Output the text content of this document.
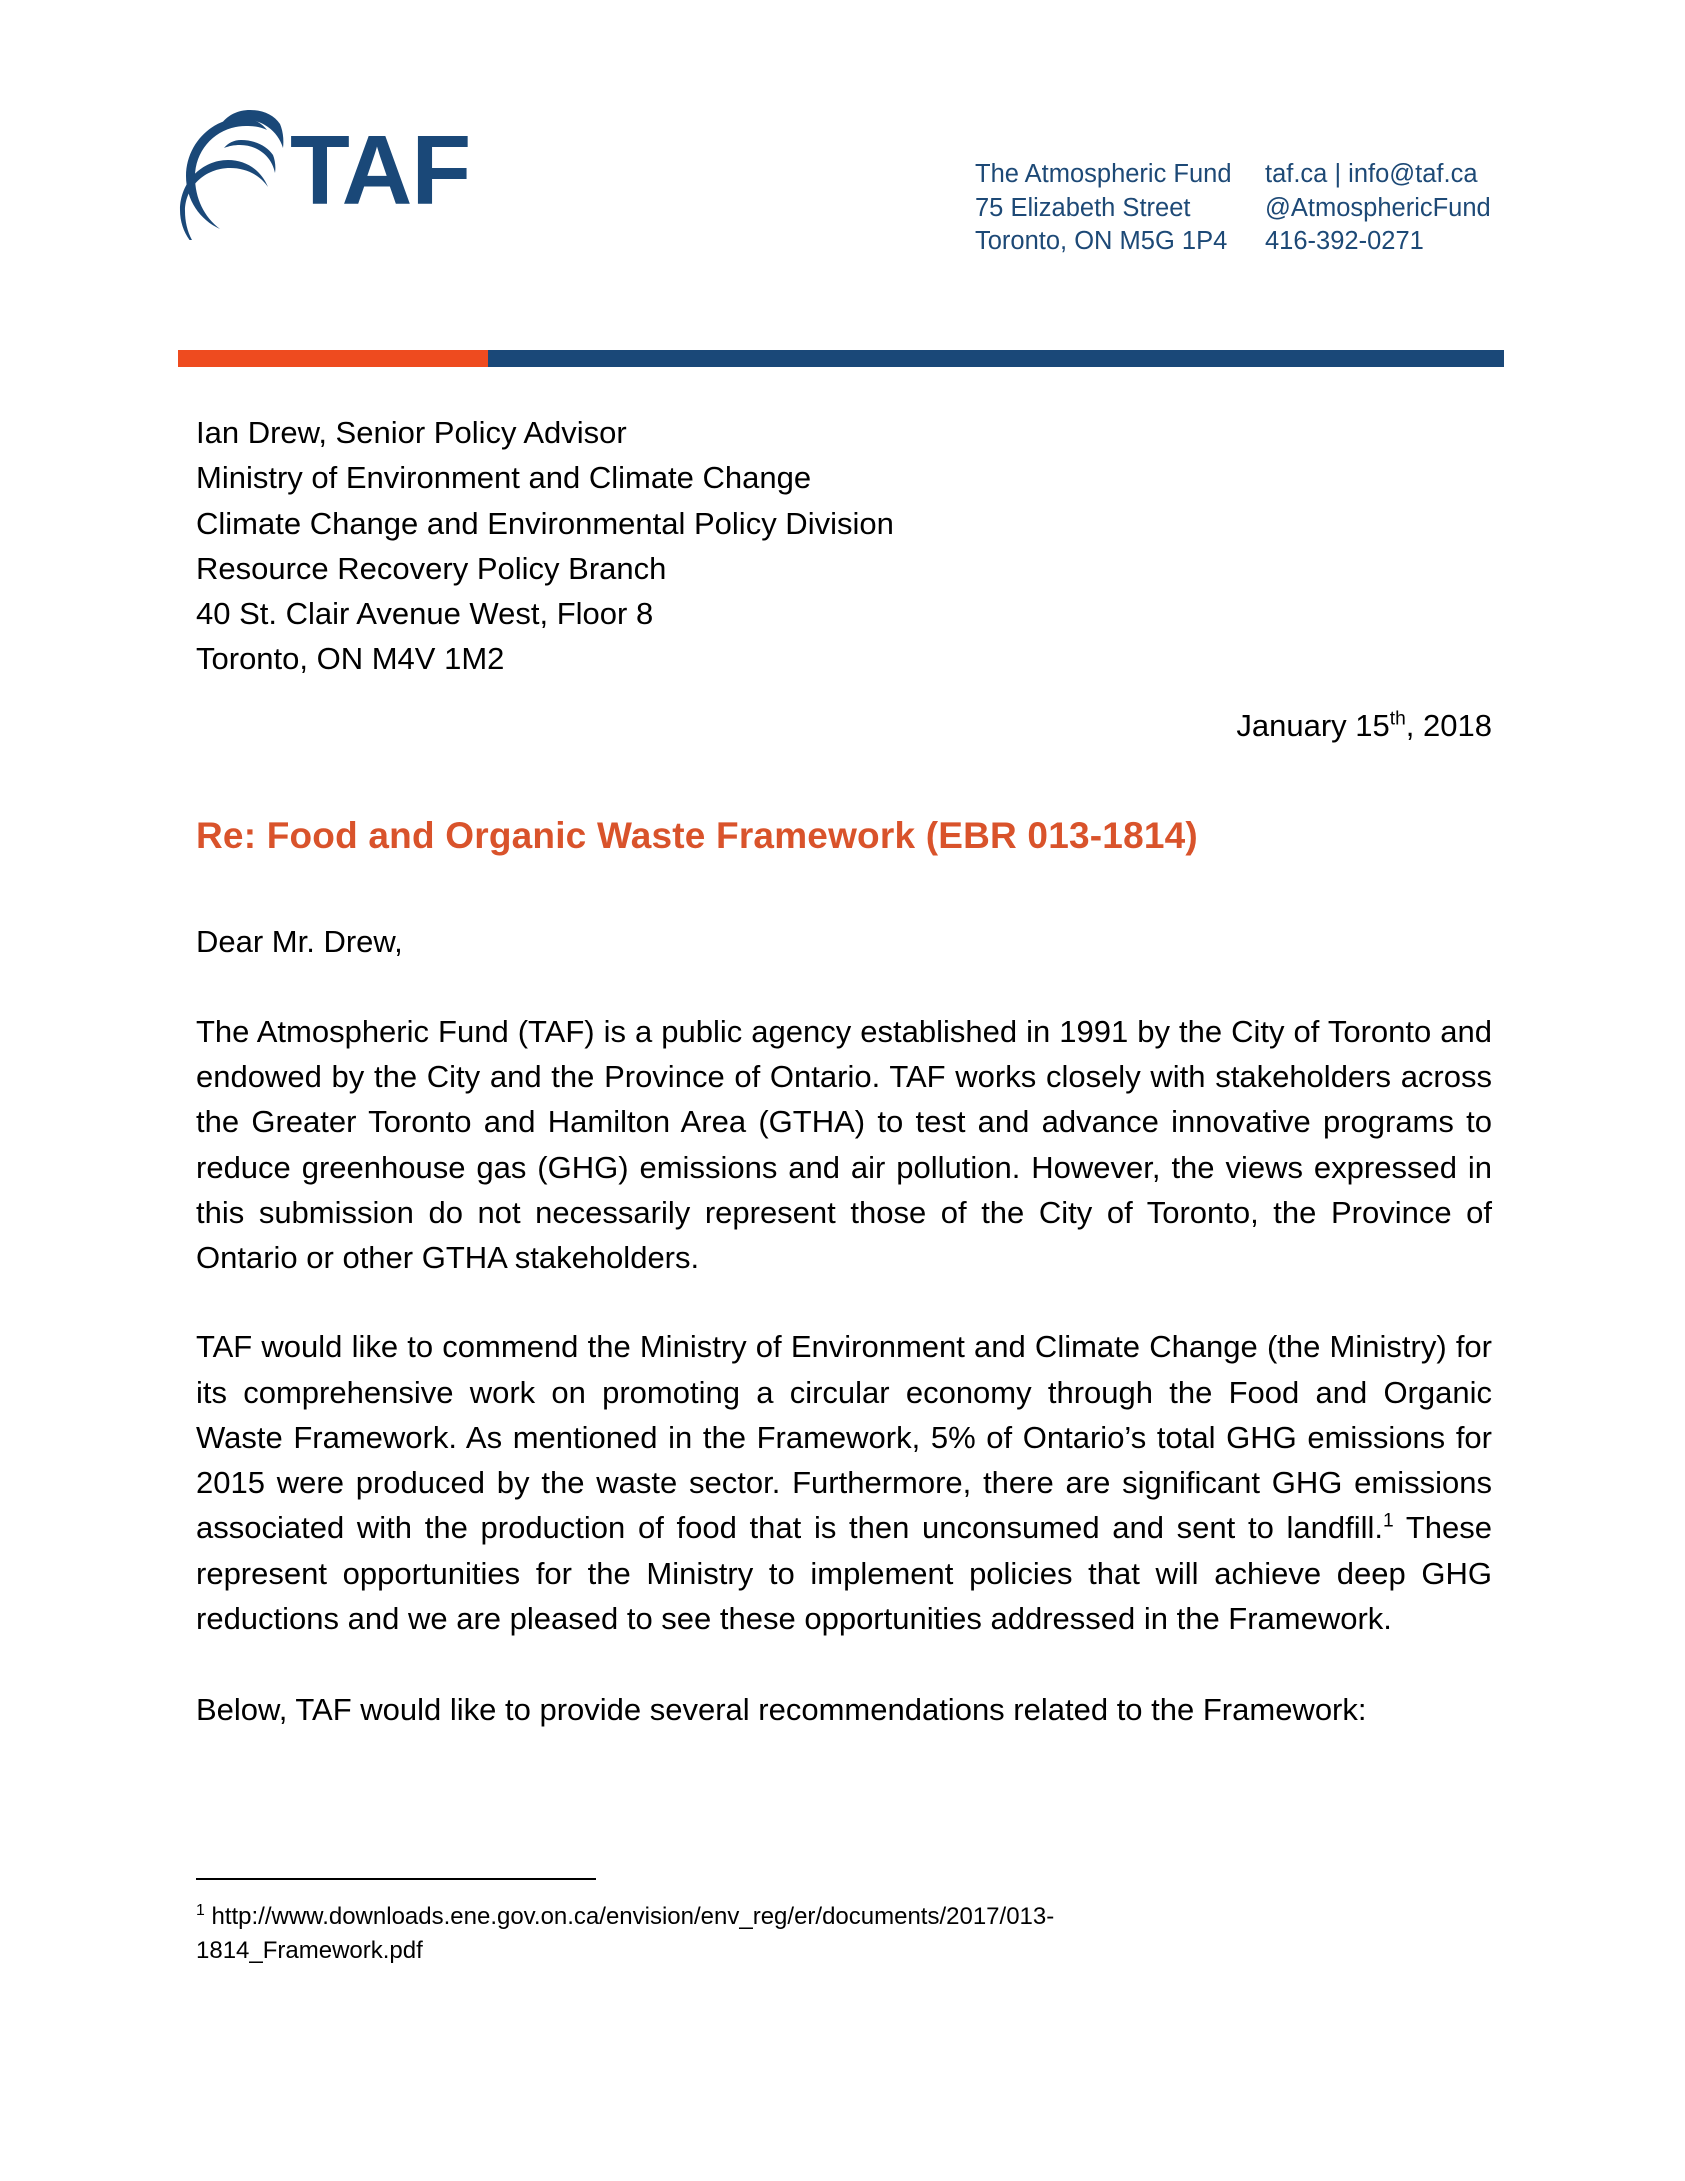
TAF	The Atmospheric Fund
75 Elizabeth Street
Toronto, ON M5G 1P4
taf.ca | info@taf.ca
@AtmosphericFund
416-392-0271
Ian Drew, Senior Policy Advisor
Ministry of Environment and Climate Change
Climate Change and Environmental Policy Division
Resource Recovery Policy Branch
40 St. Clair Avenue West, Floor 8
Toronto, ON M4V 1M2
January 15th, 2018
Re: Food and Organic Waste Framework (EBR 013-1814)
Dear Mr. Drew,

The Atmospheric Fund (TAF) is a public agency established in 1991 by the City of Toronto and endowed by the City and the Province of Ontario. TAF works closely with stakeholders across the Greater Toronto and Hamilton Area (GTHA) to test and advance innovative programs to reduce greenhouse gas (GHG) emissions and air pollution. However, the views expressed in this submission do not necessarily represent those of the City of Toronto, the Province of Ontario or other GTHA stakeholders.

TAF would like to commend the Ministry of Environment and Climate Change (the Ministry) for its comprehensive work on promoting a circular economy through the Food and Organic Waste Framework. As mentioned in the Framework, 5% of Ontario’s total GHG emissions for 2015 were produced by the waste sector. Furthermore, there are significant GHG emissions associated with the production of food that is then unconsumed and sent to landfill.$^1$ These represent opportunities for the Ministry to implement policies that will achieve deep GHG reductions and we are pleased to see these opportunities addressed in the Framework.

Below, TAF would like to provide several recommendations related to the Framework:

$^1$ http://www.downloads.ene.gov.on.ca/envision/env_reg/er/documents/2017/013-1814_Framework.pdf
